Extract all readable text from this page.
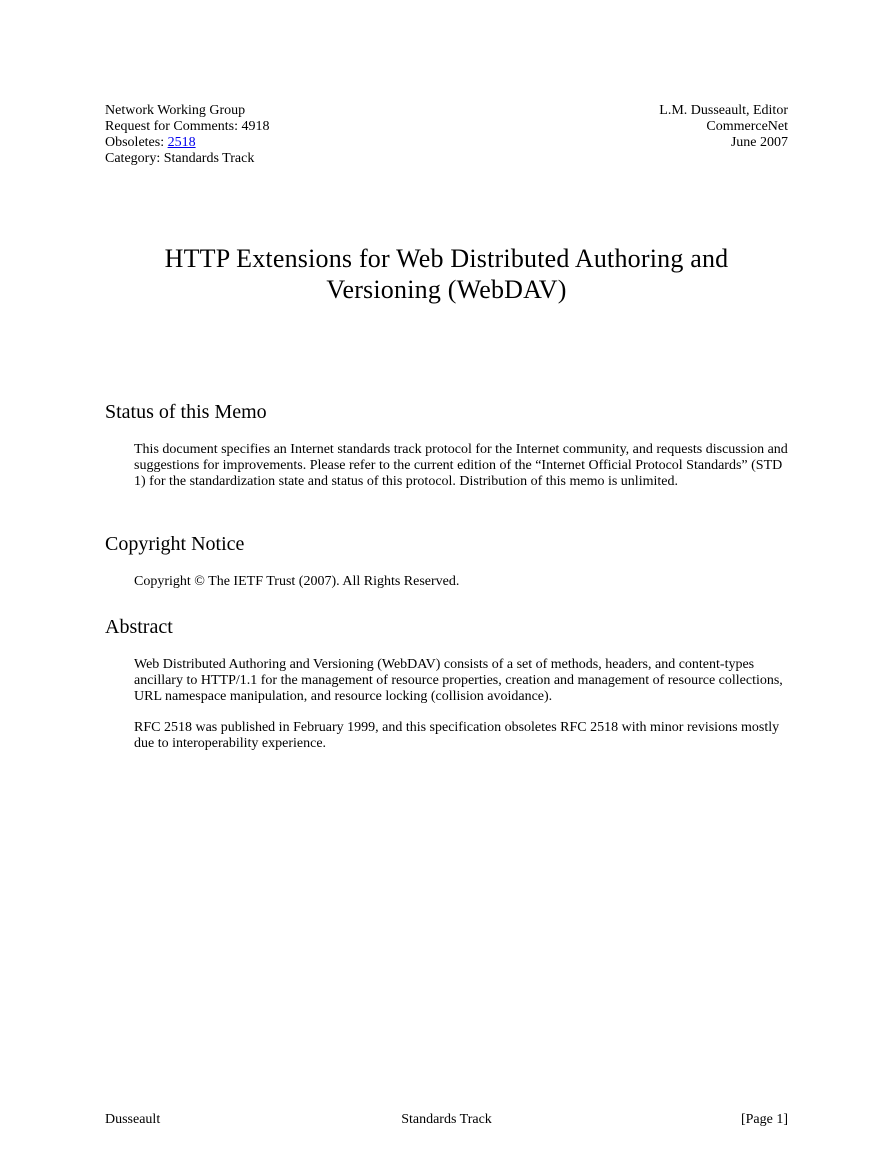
Network Working Group
Request for Comments: 4918
Obsoletes: 2518
Category: Standards Track
L.M. Dusseault, Editor
CommerceNet
June 2007
HTTP Extensions for Web Distributed Authoring and
Versioning (WebDAV)
Status of this Memo

This document specifies an Internet standards track protocol for the Internet community, and requests discussion and suggestions for improvements. Please refer to the current edition of the “Internet Official Protocol Standards” (STD 1) for the standardization state and status of this protocol. Distribution of this memo is unlimited.

Copyright Notice

Copyright © The IETF Trust (2007). All Rights Reserved.

Abstract

Web Distributed Authoring and Versioning (WebDAV) consists of a set of methods, headers, and content-types ancillary to HTTP/1.1 for the management of resource properties, creation and management of resource collections, URL namespace manipulation, and resource locking (collision avoidance).

RFC 2518 was published in February 1999, and this specification obsoletes RFC 2518 with minor revisions mostly due to interoperability experience.

Dusseault	Standards Track	[Page 1]
